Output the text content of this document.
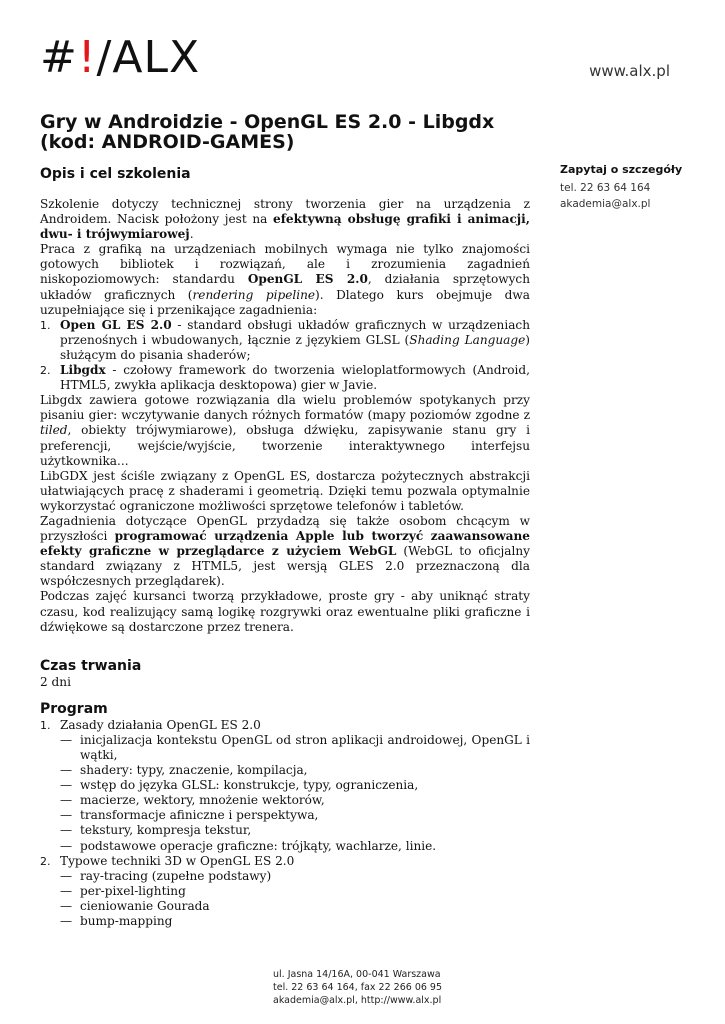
#!/ALX	www.alx.pl
Gry w Androidzie - OpenGL ES 2.0 - Libgdx (kod: ANDROID-GAMES)
Zapytaj o szczegóły
tel. 22 63 64 164
akademia@alx.pl
Opis i cel szkolenia

Szkolenie dotyczy technicznej strony tworzenia gier na urządzenia z Androidem. Nacisk położony jest na efektywną obsługę grafiki i animacji, dwu- i trójwymiarowej.

Praca z grafiką na urządzeniach mobilnych wymaga nie tylko znajomości gotowych bibliotek i rozwiązań, ale i zrozumienia zagadnień niskopoziomowych: standardu OpenGL ES 2.0, działania sprzętowych układów graficznych (rendering pipeline). Dlatego kurs obejmuje dwa uzupełniające się i przenikające zagadnienia:

1. Open GL ES 2.0 - standard obsługi układów graficznych w urządzeniach przenośnych i wbudowanych, łącznie z językiem GLSL (Shading Language) służącym do pisania shaderów;
2. Libgdx - czołowy framework do tworzenia wieloplatformowych (Android, HTML5, zwykła aplikacja desktopowa) gier w Javie.

Libgdx zawiera gotowe rozwiązania dla wielu problemów spotykanych przy pisaniu gier: wczytywanie danych różnych formatów (mapy poziomów zgodne z tiled, obiekty trójwymiarowe), obsługa dźwięku, zapisywanie stanu gry i preferencji, wejście/wyjście, tworzenie interaktywnego interfejsu użytkownika...

LibGDX jest ściśle związany z OpenGL ES, dostarcza pożytecznych abstrakcji ułatwiających pracę z shaderami i geometrią. Dzięki temu pozwala optymalnie wykorzystać ograniczone możliwości sprzętowe telefonów i tabletów.

Zagadnienia dotyczące OpenGL przydadzą się także osobom chcącym w przyszłości programować urządzenia Apple lub tworzyć zaawansowane efekty graficzne w przeglądarce z użyciem WebGL (WebGL to oficjalny standard związany z HTML5, jest wersją GLES 2.0 przeznaczoną dla współczesnych przeglądarek).

Podczas zajęć kursanci tworzą przykładowe, proste gry - aby uniknąć straty czasu, kod realizujący samą logikę rozgrywki oraz ewentualne pliki graficzne i dźwiękowe są dostarczone przez trenera.

Czas trwania

2 dni

Program
1. Zasady działania OpenGL ES 2.0
— inicjalizacja kontekstu OpenGL od stron aplikacji androidowej, OpenGL i wątki,
— shadery: typy, znaczenie, kompilacja,
— wstęp do języka GLSL: konstrukcje, typy, ograniczenia,
— macierze, wektory, mnożenie wektorów,
— transformacje afiniczne i perspektywa,
— tekstury, kompresja tekstur,
— podstawowe operacje graficzne: trójkąty, wachlarze, linie.
2. Typowe techniki 3D w OpenGL ES 2.0
— ray-tracing (zupełne podstawy)
— per-pixel-lighting
— cieniowanie Gourada
— bump-mapping
ul. Jasna 14/16A, 00-041 Warszawa
tel. 22 63 64 164, fax 22 266 06 95
akademia@alx.pl, http://www.alx.pl
